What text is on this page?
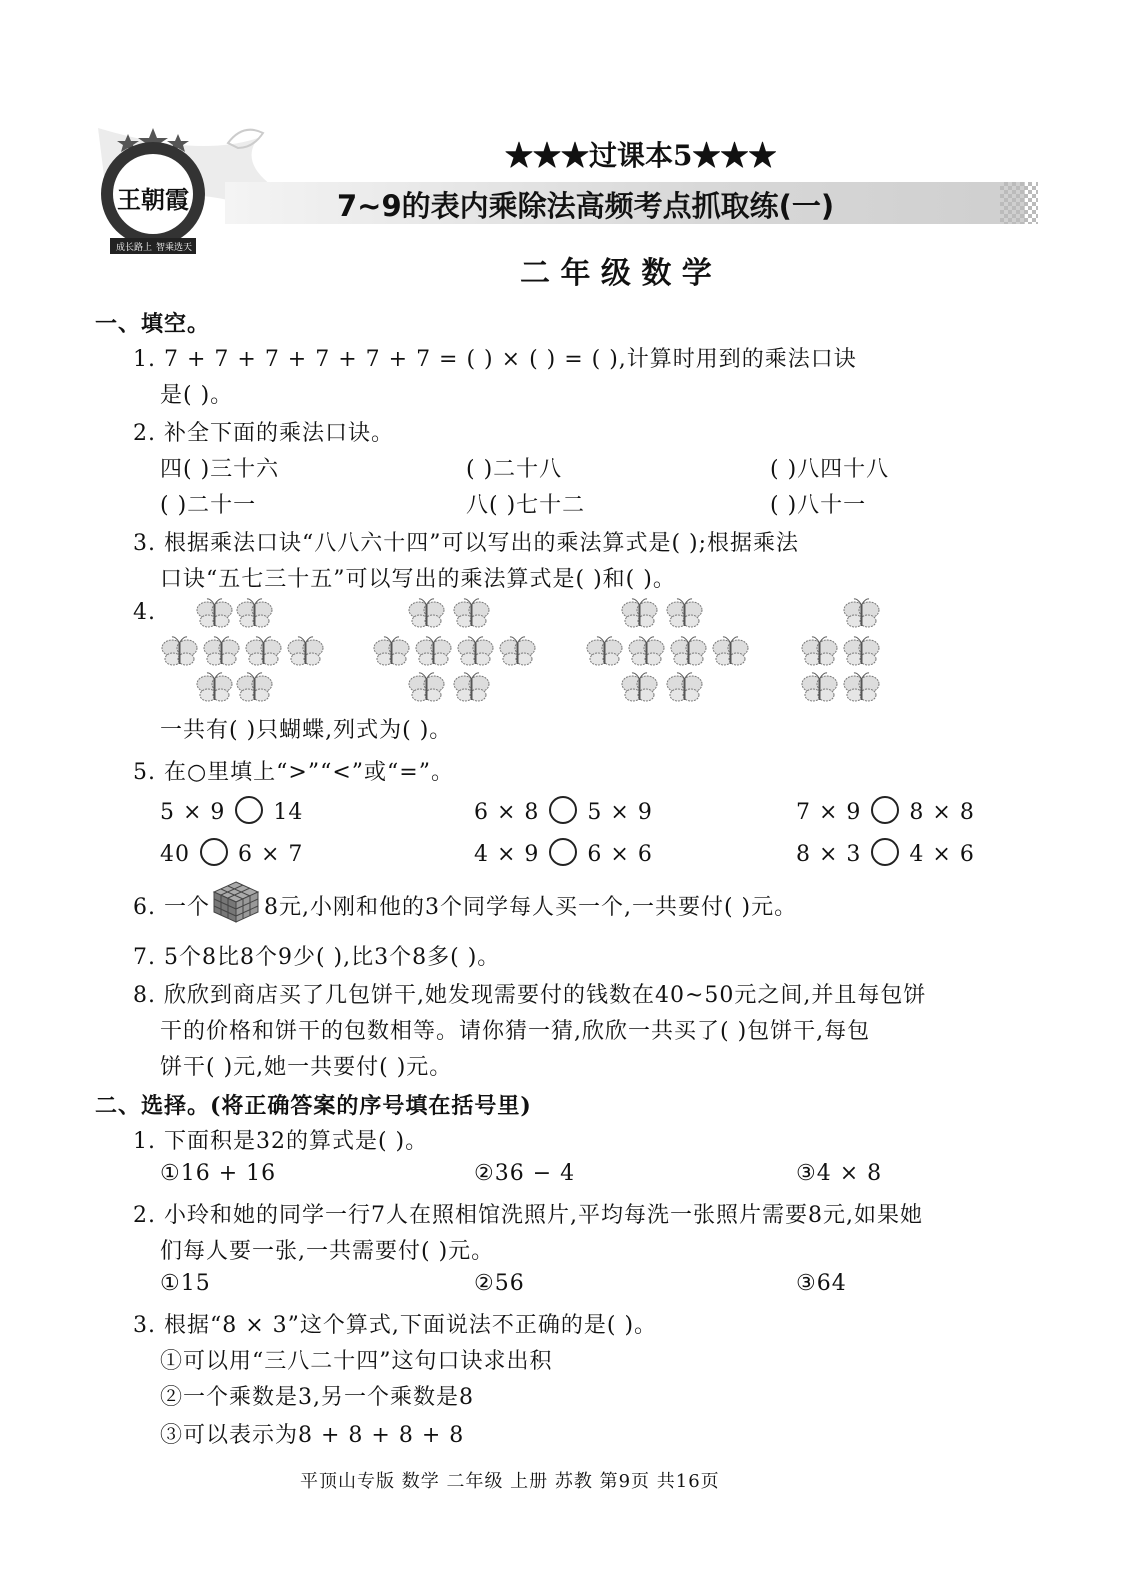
王朝霞
成长路上 智乘选天
★★★过课本5★★★
7~9的表内乘除法高频考点抓取练(一)
二 年 级 数 学
一、填空。
1. 7 + 7 + 7 + 7 + 7 + 7 = ( ) × ( ) = ( ),计算时用到的乘法口诀
是( )。
2. 补全下面的乘法口诀。
四( )三十六	( )二十八	( )八四十八
( )二十一	八( )七十二	( )八十一
3. 根据乘法口诀“八八六十四”可以写出的乘法算式是( );根据乘法
口诀“五七三十五”可以写出的乘法算式是( )和( )。
4.
一共有( )只蝴蝶,列式为( )。
5. 在○里填上“>”“<”或“=”。
5 × 9 14	6 × 8 5 × 9	7 × 9 8 × 8
40 6 × 7	4 × 9 6 × 6	8 × 3 4 × 6
6. 一个 8元,小刚和他的3个同学每人买一个,一共要付( )元。
7. 5个8比8个9少( ),比3个8多( )。
8. 欣欣到商店买了几包饼干,她发现需要付的钱数在40~50元之间,并且每包饼
干的价格和饼干的包数相等。请你猜一猜,欣欣一共买了( )包饼干,每包
饼干( )元,她一共要付( )元。
二、选择。(将正确答案的序号填在括号里)
1. 下面积是32的算式是( )。
①16 + 16	②36 − 4	③4 × 8
2. 小玲和她的同学一行7人在照相馆洗照片,平均每洗一张照片需要8元,如果她
们每人要一张,一共需要付( )元。
①15	②56	③64
3. 根据“8 × 3”这个算式,下面说法不正确的是( )。
①可以用“三八二十四”这句口诀求出积
②一个乘数是3,另一个乘数是8
③可以表示为8 + 8 + 8 + 8
平顶山专版 数学 二年级 上册 苏教 第9页 共16页
